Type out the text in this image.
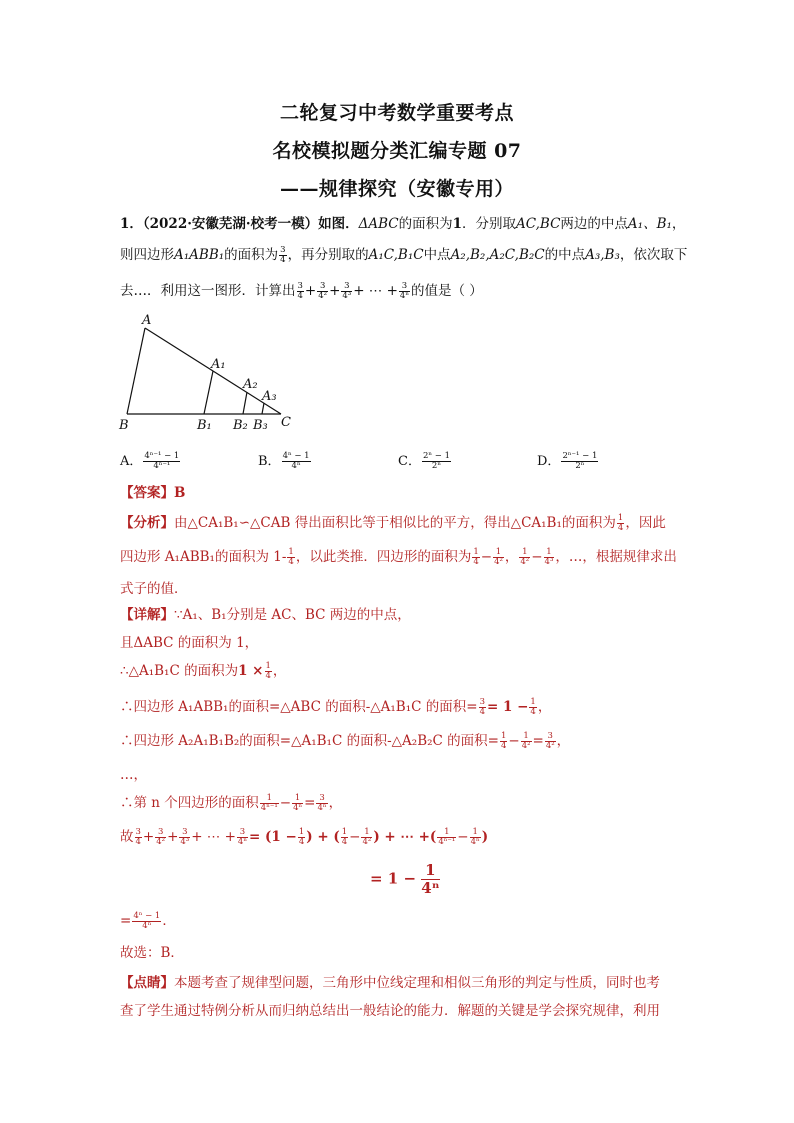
二轮复习中考数学重要考点
名校模拟题分类汇编专题 07
——规律探究（安徽专用）
1．（2022·安徽芜湖·校考一模）如图．ΔABC的面积为1．分别取AC,BC两边的中点A₁、B₁，
则四边形A₁ABB₁的面积为 $\frac{3}{4}$ ，再分别取的A₁C,B₁C中点A₂,B₂,A₂C,B₂C的中点A₃,B₃，依次取下
去…．利用这一图形．计算出 $\frac{3}{4} + \frac{3}{\text{4²}} + \frac{3}{\text{4³}}$ + ⋯ + $\frac{3}{\text{4ⁿ}}$ 的值是（ ）
A
A₁
A₂
A₃
B	B₁ B₂ B₃ C
A． $\frac{\text{4ⁿ⁻¹ − 1}}{\text{4ⁿ⁻¹}}$	B． $\frac{\text{4ⁿ − 1}}{\text{4ⁿ}}$	C． $\frac{\text{2ⁿ − 1}}{\text{2ⁿ}}$	D． $\frac{\text{2ⁿ⁻¹ − 1}}{\text{2ⁿ}}$
【答案】B
【分析】由△CA₁B₁∽△CAB 得出面积比等于相似比的平方，得出△CA₁B₁的面积为 $\frac{1}{4}$ ，因此
四边形 A₁ABB₁的面积为 $1- \frac{1}{4}$ ，以此类推．四边形的面积为 $\frac{1}{4} - \frac{1}{\text{4²}}$ ， $\frac{1}{\text{4²}} - \frac{1}{\text{4³}}$ ，…，根据规律求出
式子的值．
【详解】∵A₁、B₁分别是 AC、BC 两边的中点，
且ΔABC 的面积为 1，
∴△A₁B₁C 的面积为$1 \times \frac{1}{4}$ ，
∴四边形 A₁ABB₁的面积=△ABC 的面积-△A₁B₁C 的面积= $\frac{3}{4} = 1 - \frac{1}{4}$ ，
∴四边形 A₂A₁B₁B₂的面积=△A₁B₁C 的面积-△A₂B₂C 的面积= $\frac{1}{4} - \frac{1}{\text{4²}} = \frac{3}{\text{4²}}$ ，
…，
∴第 n 个四边形的面积 $\frac{1}{\text{4ⁿ⁻¹}} - \frac{1}{\text{4ⁿ}} = \frac{3}{\text{4ⁿ}}$ ，
故 $\frac{3}{4} + \frac{3}{\text{4²}} + \frac{3}{\text{4³}}$ + ⋯ + $\frac{3}{\text{4ⁿ}} = (1 - \frac{1}{4}$ ) + ( $\frac{1}{4} - \frac{1}{\text{4²}}$ ) + ⋯ +( $\frac{1}{\text{4ⁿ⁻¹}} - \frac{1}{\text{4ⁿ}}$ )
= $1 - \frac{1}{\text{4ⁿ}}$
= $\frac{\text{4ⁿ − 1}}{\text{4ⁿ}}$ ．
故选：B．
【点睛】本题考查了规律型问题，三角形中位线定理和相似三角形的判定与性质，同时也考
查了学生通过特例分析从而归纳总结出一般结论的能力．解题的关键是学会探究规律，利用
